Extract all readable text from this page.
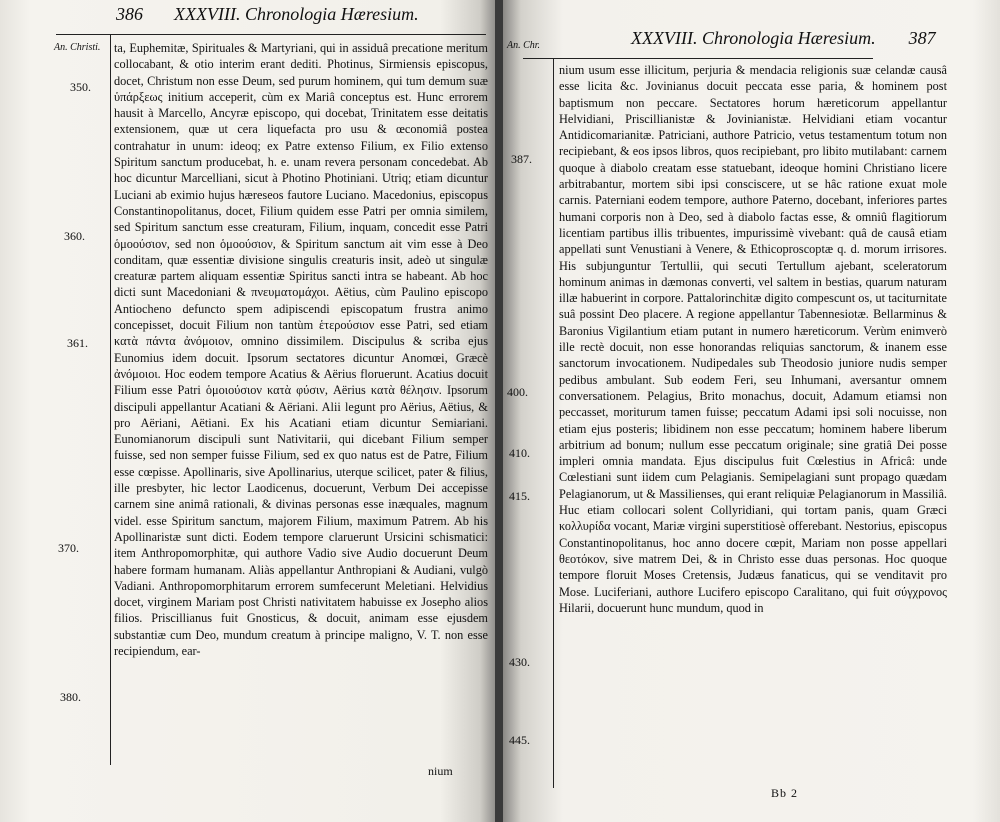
386 XXXVIII. Chronologia Hæresium.
An. Christi.
350.
360.
361.
370.
380.

ta, Euphemitæ, Spirituales & Martyriani, qui in assiduâ precatione meritum collocabant, & otio interim erant dediti. Photinus, Sirmiensis episcopus, docet, Christum non esse Deum, sed purum hominem, qui tum demum suæ ὑπάρξεως initium acceperit, cùm ex Mariâ conceptus est. Hunc errorem hausit à Marcello, Ancyræ episcopo, qui docebat, Trinitatem esse deitatis extensionem, quæ ut cera liquefacta pro usu & œconomiâ postea contrahatur in unum: ideoq; ex Patre extenso Filium, ex Filio extenso Spiritum sanctum producebat, h. e. unam revera personam concedebat. Ab hoc dicuntur Marcelliani, sicut à Photino Photiniani. Utriq; etiam dicuntur Luciani ab eximio hujus hæreseos fautore Luciano. Macedonius, episcopus Constantinopolitanus, docet, Filium quidem esse Patri per omnia similem, sed Spiritum sanctum esse creaturam, Filium, inquam, concedit esse Patri ὁμοούσιον, sed non ὁμοούσιον, & Spiritum sanctum ait vim esse à Deo conditam, quæ essentiæ divisione singulis creaturis insit, adeò ut singulæ creaturæ partem aliquam essentiæ Spiritus sancti intra se habeant. Ab hoc dicti sunt Macedoniani & πνευματομάχοι. Aëtius, cùm Paulino episcopo Antiocheno defuncto spem adipiscendi episcopatum frustra animo concepisset, docuit Filium non tantùm ἑτερούσιον esse Patri, sed etiam κατὰ πάντα ἀνόμοιον, omnino dissimilem. Discipulus & scriba ejus Eunomius idem docuit. Ipsorum sectatores dicuntur Anomœi, Græcè ἀνόμοιοι. Hoc eodem tempore Acatius & Aërius floruerunt. Acatius docuit Filium esse Patri ὁμοιούσιον κατὰ φύσιν, Aërius κατὰ θέλησιν. Ipsorum discipuli appellantur Acatiani & Aëriani. Alii legunt pro Aërius, Aëtius, & pro Aëriani, Aëtiani. Ex his Acatiani etiam dicuntur Semiariani. Eunomianorum discipuli sunt Nativitarii, qui dicebant Filium semper fuisse, sed non semper fuisse Filium, sed ex quo natus est de Patre, Filium esse cœpisse. Apollinaris, sive Apollinarius, uterque scilicet, pater & filius, ille presbyter, hic lector Laodicenus, docuerunt, Verbum Dei accepisse carnem sine animâ rationali, & divinas personas esse inæquales, magnum videl. esse Spiritum sanctum, majorem Filium, maximum Patrem. Ab his Apollinaristæ sunt dicti. Eodem tempore claruerunt Ursicini schismatici: item Anthropomorphitæ, qui authore Vadio sive Audio docuerunt Deum habere formam humanam. Aliàs appellantur Anthropiani & Audiani, vulgò Vadiani. Anthropomorphitarum errorem sumfecerunt Meletiani. Helvidius docet, virginem Mariam post Christi nativitatem habuisse ex Josepho alios filios. Priscillianus fuit Gnosticus, & docuit, animam esse ejusdem substantiæ cum Deo, mundum creatum à principe maligno, V. T. non esse recipiendum, ear-

nium
XXXVIII. Chronologia Hæresium. 387
An. Chr.
387.
400.
410.
415.
430.
445.

nium usum esse illicitum, perjuria & mendacia religionis suæ celandæ causâ esse licita &c. Jovinianus docuit peccata esse paria, & hominem post baptismum non peccare. Sectatores horum hæreticorum appellantur Helvidiani, Priscillianistæ & Jovinianistæ. Helvidiani etiam vocantur Antidicomarianitæ. Patriciani, authore Patricio, vetus testamentum totum non recipiebant, & eos ipsos libros, quos recipiebant, pro libito mutilabant: carnem quoque à diabolo creatam esse statuebant, ideoque homini Christiano licere arbitrabantur, mortem sibi ipsi consciscere, ut se hâc ratione exuat mole carnis. Paterniani eodem tempore, authore Paterno, docebant, inferiores partes humani corporis non à Deo, sed à diabolo factas esse, & omniû flagitiorum licentiam partibus illis tribuentes, impurissimè vivebant: quâ de causâ etiam appellati sunt Venustiani à Venere, & Ethicoproscoptæ q. d. morum irrisores. His subjunguntur Tertullii, qui secuti Tertullum ajebant, sceleratorum hominum animas in dæmonas converti, vel saltem in bestias, quarum naturam illæ habuerint in corpore. Pattalorinchitæ digito compescunt os, ut taciturnitate suâ possint Deo placere. A regione appellantur Tabennesiotæ. Bellarminus & Baronius Vigilantium etiam putant in numero hæreticorum. Verùm enimverò ille rectè docuit, non esse honorandas reliquias sanctorum, & inanem esse sanctorum invocationem. Nudipedales sub Theodosio juniore nudis semper pedibus ambulant. Sub eodem Feri, seu Inhumani, aversantur omnem conversationem. Pelagius, Brito monachus, docuit, Adamum etiamsi non peccasset, moriturum tamen fuisse; peccatum Adami ipsi soli nocuisse, non etiam ejus posteris; libidinem non esse peccatum; hominem habere liberum arbitrium ad bonum; nullum esse peccatum originale; sine gratiâ Dei posse impleri omnia mandata. Ejus discipulus fuit Cœlestius in Africâ: unde Cœlestiani sunt iidem cum Pelagianis. Semipelagiani sunt propago quædam Pelagianorum, ut & Massilienses, qui erant reliquiæ Pelagianorum in Massiliâ. Huc etiam collocari solent Collyridiani, qui tortam panis, quam Græci κολλυρίδα vocant, Mariæ virgini superstitiosè offerebant. Nestorius, episcopus Constantinopolitanus, hoc anno docere cœpit, Mariam non posse appellari θεοτόκον, sive matrem Dei, & in Christo esse duas personas. Hoc quoque tempore floruit Moses Cretensis, Judæus fanaticus, qui se venditavit pro Mose. Luciferiani, authore Lucifero episcopo Caralitano, qui fuit σύγχρονος Hilarii, docuerunt hunc mundum, quod in

Bb 2
